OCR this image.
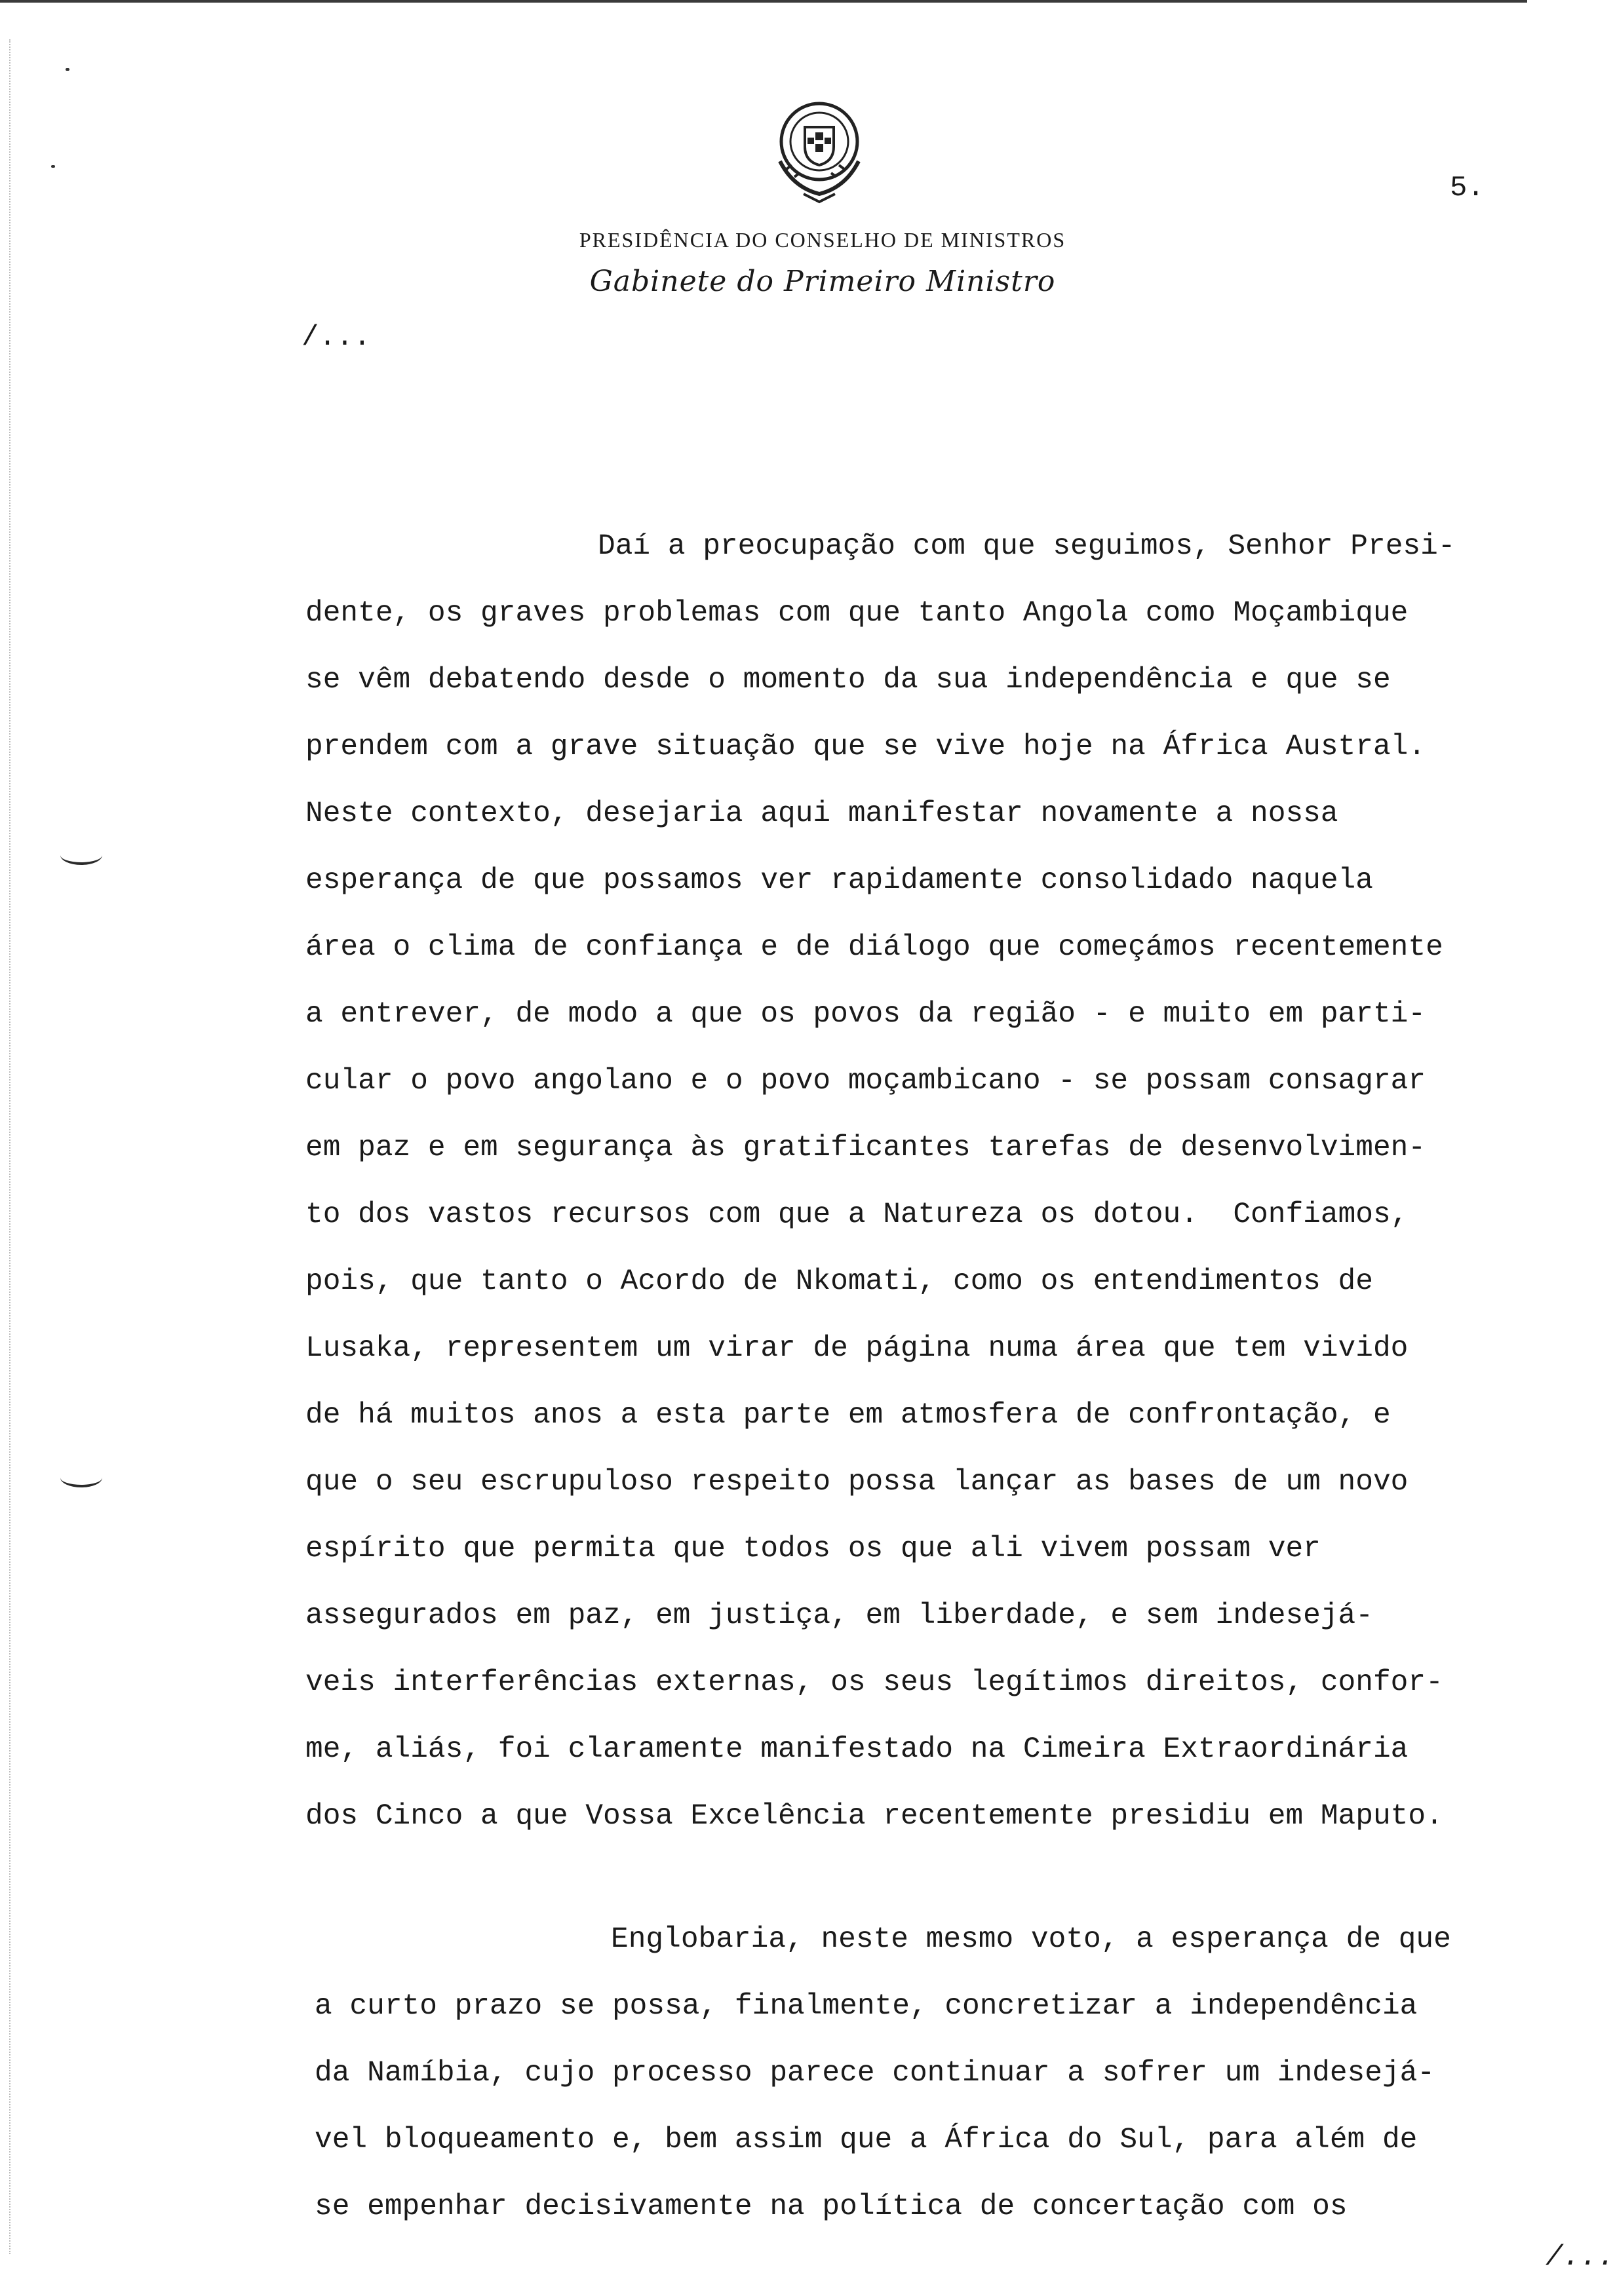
5.
PRESIDÊNCIA DO CONSELHO DE MINISTROS
Gabinete do Primeiro Ministro
/...
Daí a preocupação com que seguimos, Senhor Presi-
dente, os graves problemas com que tanto Angola como Moçambique
se vêm debatendo desde o momento da sua independência e que se
prendem com a grave situação que se vive hoje na África Austral.
Neste contexto, desejaria aqui manifestar novamente a nossa
esperança de que possamos ver rapidamente consolidado naquela
área o clima de confiança e de diálogo que começámos recentemente
a entrever, de modo a que os povos da região - e muito em parti-
cular o povo angolano e o povo moçambicano - se possam consagrar
em paz e em segurança às gratificantes tarefas de desenvolvimen-
to dos vastos recursos com que a Natureza os dotou.  Confiamos,
pois, que tanto o Acordo de Nkomati, como os entendimentos de
Lusaka, representem um virar de página numa área que tem vivido
de há muitos anos a esta parte em atmosfera de confrontação, e
que o seu escrupuloso respeito possa lançar as bases de um novo
espírito que permita que todos os que ali vivem possam ver
assegurados em paz, em justiça, em liberdade, e sem indesejá-
veis interferências externas, os seus legítimos direitos, confor-
me, aliás, foi claramente manifestado na Cimeira Extraordinária
dos Cinco a que Vossa Excelência recentemente presidiu em Maputo.
Englobaria, neste mesmo voto, a esperança de que
a curto prazo se possa, finalmente, concretizar a independência
da Namíbia, cujo processo parece continuar a sofrer um indesejá-
vel bloqueamento e, bem assim que a África do Sul, para além de
se empenhar decisivamente na política de concertação com os
/...
